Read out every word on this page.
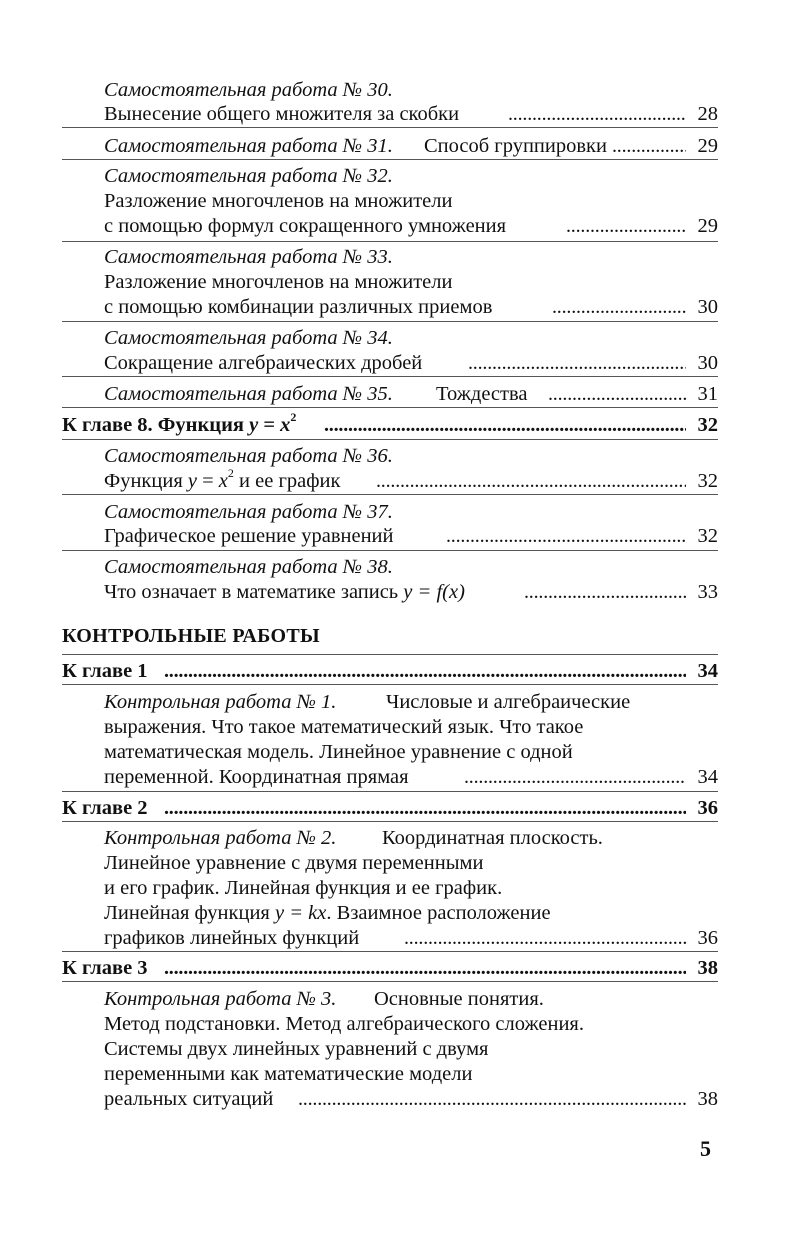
Самостоятельная работа № 30.
Вынесение общего множителя за скобки . . .	28
Самостоятельная работа № 31. Способ группировки . . .	29
Самостоятельная работа № 32.
Разложение многочленов на множители
с помощью формул сокращенного умножения . . .	29
Самостоятельная работа № 33.
Разложение многочленов на множители
с помощью комбинации различных приемов . . .	30
Самостоятельная работа № 34.
Сокращение алгебраических дробей . . .	30
Самостоятельная работа № 35. Тождества . . .	31
К главе 8. Функция $y = x^2$ . . .	32
Самостоятельная работа № 36.
Функция $y = x^2$ и ее график . . .	32
Самостоятельная работа № 37.
Графическое решение уравнений . . .	32
Самостоятельная работа № 38.
Что означает в математике запись y = f(x) . . .	33
КОНТРОЛЬНЫЕ РАБОТЫ
К главе 1 . . .	34
Контрольная работа № 1. Числовые и алгебраические
выражения. Что такое математический язык. Что такое
математическая модель. Линейное уравнение с одной
переменной. Координатная прямая . . .	34
К главе 2 . . .	36
Контрольная работа № 2. Координатная плоскость.
Линейное уравнение с двумя переменными
и его график. Линейная функция и ее график.
Линейная функция y = kx. Взаимное расположение
графиков линейных функций . . .	36
К главе 3 . . .	38
Контрольная работа № 3. Основные понятия.
Метод подстановки. Метод алгебраического сложения.
Системы двух линейных уравнений с двумя
переменными как математические модели
реальных ситуаций . . .	38
5
